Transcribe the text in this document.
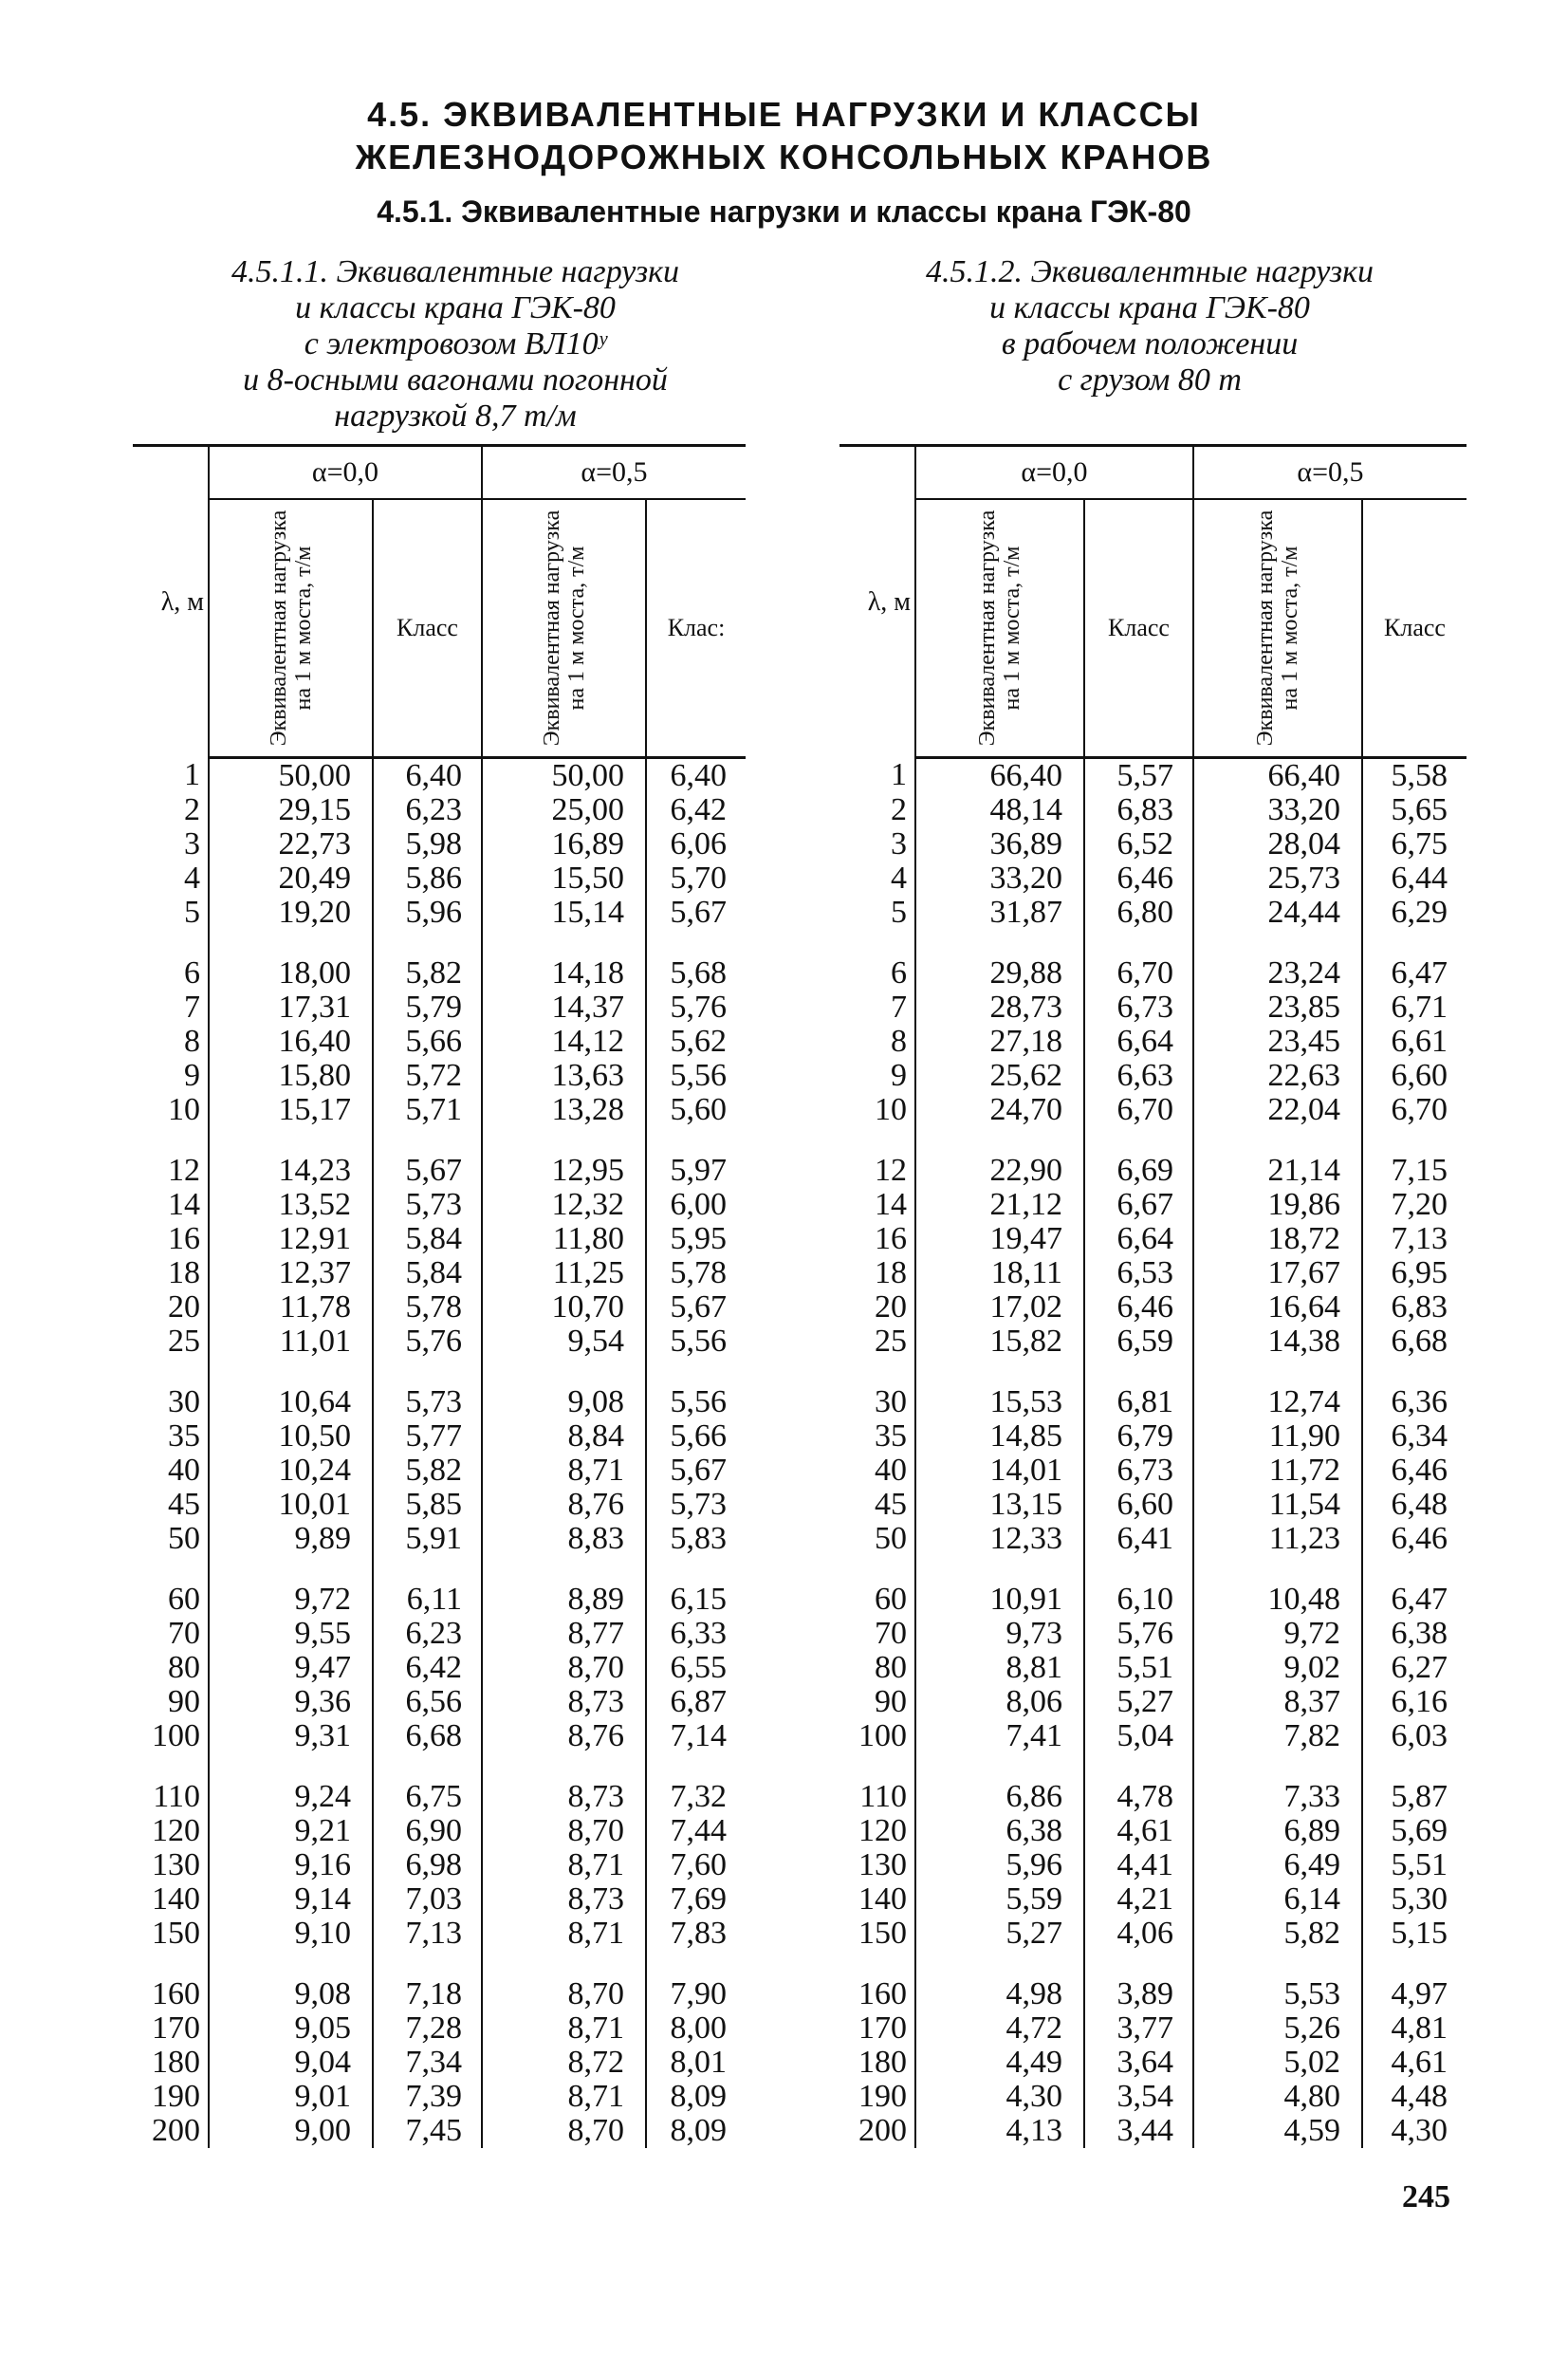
4.5. ЭКВИВАЛЕНТНЫЕ НАГРУЗКИ И КЛАССЫ
ЖЕЛЕЗНОДОРОЖНЫХ КОНСОЛЬНЫХ КРАНОВ
4.5.1. Эквивалентные нагрузки и классы крана ГЭК-80
4.5.1.1. Эквивалентные нагрузки
и классы крана ГЭК-80
с электровозом ВЛ10ʸ
и 8-осными вагонами погонной
нагрузкой 8,7 т/м
4.5.1.2. Эквивалентные нагрузки
и классы крана ГЭК-80
в рабочем положении
с грузом 80 т
λ, м	α=0,0		α=0,5	

	Эквивалентная нагрузка на 1 м моста, т/м	Класс	Эквивалентная нагрузка на 1 м моста, т/м	Клас:
1	50,00	6,40	50,00	6,40
2	29,15	6,23	25,00	6,42
3	22,73	5,98	16,89	6,06
4	20,49	5,86	15,50	5,70
5	19,20	5,96	15,14	5,67

6	18,00	5,82	14,18	5,68
7	17,31	5,79	14,37	5,76
8	16,40	5,66	14,12	5,62
9	15,80	5,72	13,63	5,56
10	15,17	5,71	13,28	5,60

12	14,23	5,67	12,95	5,97
14	13,52	5,73	12,32	6,00
16	12,91	5,84	11,80	5,95
18	12,37	5,84	11,25	5,78
20	11,78	5,78	10,70	5,67
25	11,01	5,76	9,54	5,56

30	10,64	5,73	9,08	5,56
35	10,50	5,77	8,84	5,66
40	10,24	5,82	8,71	5,67
45	10,01	5,85	8,76	5,73
50	9,89	5,91	8,83	5,83

60	9,72	6,11	8,89	6,15
70	9,55	6,23	8,77	6,33
80	9,47	6,42	8,70	6,55
90	9,36	6,56	8,73	6,87
100	9,31	6,68	8,76	7,14

110	9,24	6,75	8,73	7,32
120	9,21	6,90	8,70	7,44
130	9,16	6,98	8,71	7,60
140	9,14	7,03	8,73	7,69
150	9,10	7,13	8,71	7,83

160	9,08	7,18	8,70	7,90
170	9,05	7,28	8,71	8,00
180	9,04	7,34	8,72	8,01
190	9,01	7,39	8,71	8,09
200	9,00	7,45	8,70	8,09
λ, м	α=0,0		α=0,5	

	Эквивалентная нагрузка на 1 м моста, т/м	Класс	Эквивалентная нагрузка на 1 м моста, т/м	Класс
1	66,40	5,57	66,40	5,58
2	48,14	6,83	33,20	5,65
3	36,89	6,52	28,04	6,75
4	33,20	6,46	25,73	6,44
5	31,87	6,80	24,44	6,29

6	29,88	6,70	23,24	6,47
7	28,73	6,73	23,85	6,71
8	27,18	6,64	23,45	6,61
9	25,62	6,63	22,63	6,60
10	24,70	6,70	22,04	6,70

12	22,90	6,69	21,14	7,15
14	21,12	6,67	19,86	7,20
16	19,47	6,64	18,72	7,13
18	18,11	6,53	17,67	6,95
20	17,02	6,46	16,64	6,83
25	15,82	6,59	14,38	6,68

30	15,53	6,81	12,74	6,36
35	14,85	6,79	11,90	6,34
40	14,01	6,73	11,72	6,46
45	13,15	6,60	11,54	6,48
50	12,33	6,41	11,23	6,46

60	10,91	6,10	10,48	6,47
70	9,73	5,76	9,72	6,38
80	8,81	5,51	9,02	6,27
90	8,06	5,27	8,37	6,16
100	7,41	5,04	7,82	6,03

110	6,86	4,78	7,33	5,87
120	6,38	4,61	6,89	5,69
130	5,96	4,41	6,49	5,51
140	5,59	4,21	6,14	5,30
150	5,27	4,06	5,82	5,15

160	4,98	3,89	5,53	4,97
170	4,72	3,77	5,26	4,81
180	4,49	3,64	5,02	4,61
190	4,30	3,54	4,80	4,48
200	4,13	3,44	4,59	4,30
245
